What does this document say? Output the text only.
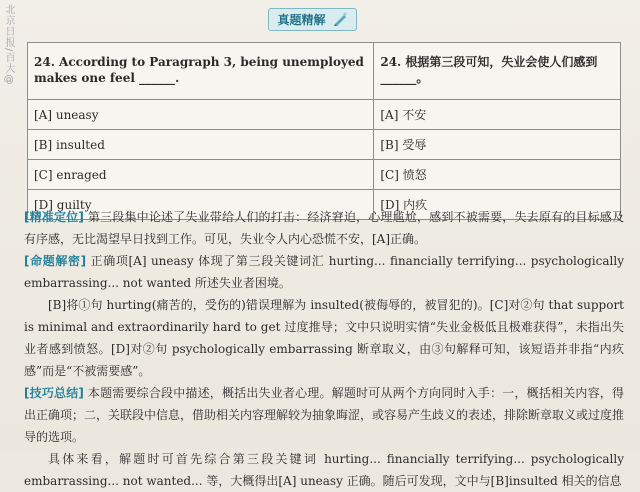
北京日报/百大@	真题精解
24. According to Paragraph 3, being unemployed makes one feel ______.	24. 根据第三段可知，失业会使人们感到______。
[A] uneasy	[A] 不安
[B] insulted	[B] 受辱
[C] enraged	[C] 愤怒
[D] guilty	[D] 内疚

[精准定位] 第三段集中论述了失业带给人们的打击：经济窘迫，心理尴尬，感到不被需要，失去原有的目标感及有序感，无比渴望早日找到工作。可见，失业令人内心恐慌不安，[A]正确。

[命题解密] 正确项[A] uneasy 体现了第三段关键词汇 hurting... financially terrifying... psychologically embarrassing... not wanted 所述失业者困境。

[B]将①句 hurting(痛苦的，受伤的)错误理解为 insulted(被侮辱的，被冒犯的)。[C]对②句 that support is minimal and extraordinarily hard to get 过度推导；文中只说明实情“失业金极低且极难获得”，未指出失业者感到愤怒。[D]对②句 psychologically embarrassing 断章取义，由③句解释可知，该短语并非指“内疚感”而是“不被需要感”。

[技巧总结] 本题需要综合段中描述，概括出失业者心理。解题时可从两个方向同时入手：一，概括相关内容，得出正确项；二，关联段中信息，借助相关内容理解较为抽象晦涩，或容易产生歧义的表述，排除断章取义或过度推导的选项。

具体来看，解题时可首先综合第三段关键词 hurting... financially terrifying... psychologically embarrassing... not wanted... 等，大概得出[A] uneasy 正确。随后可发现，文中与[B]insulted 相关的信息
